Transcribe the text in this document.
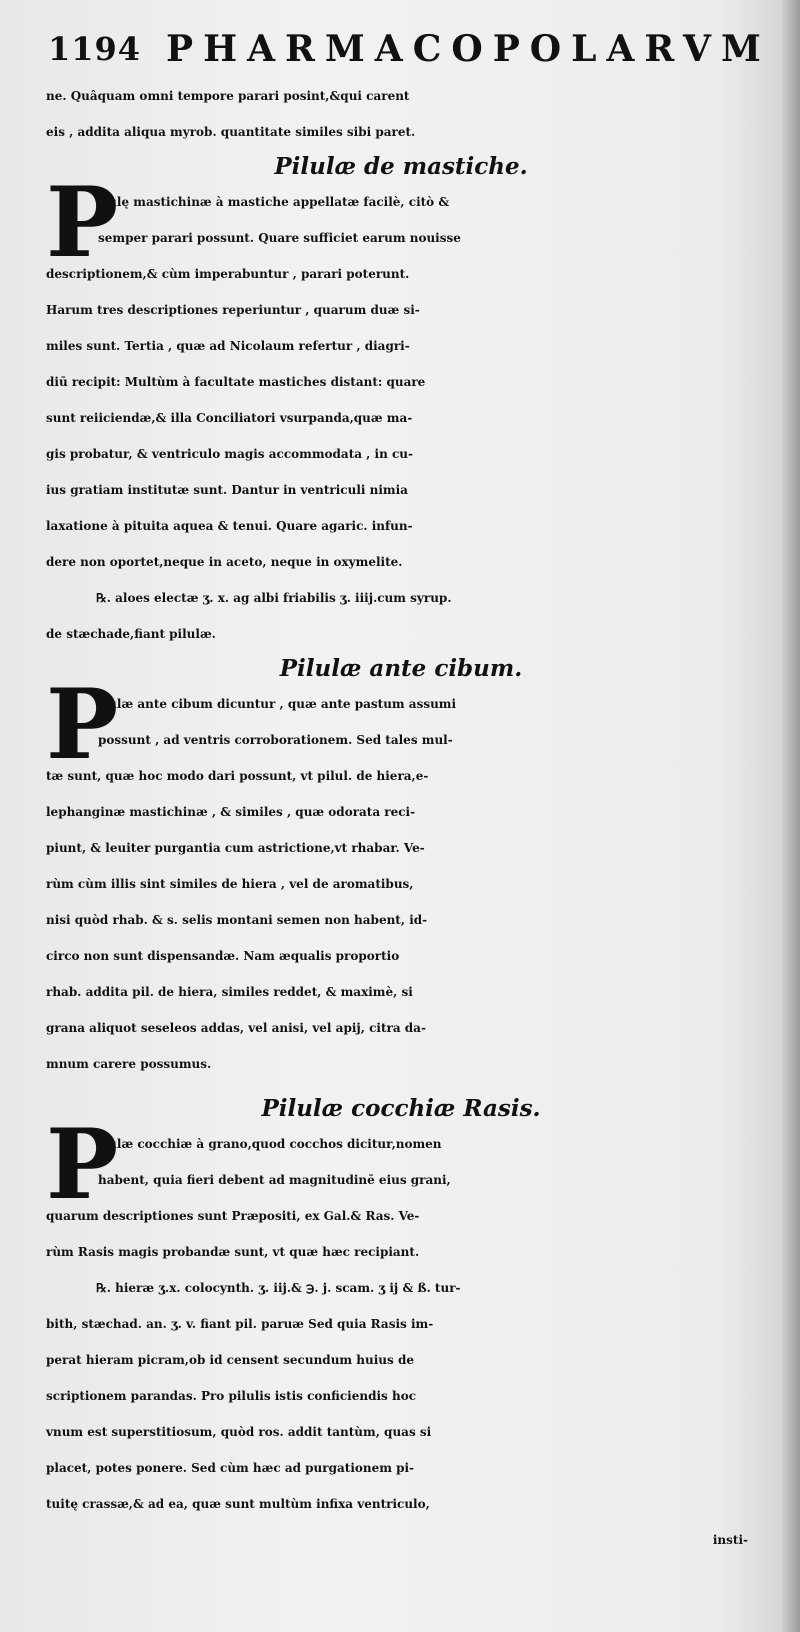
1194 PHARMACOPOLARVM
ne. Quâquam omni tempore parari posint,&qui carent
eis , addita aliqua myrob. quantitate similes sibi paret.
Pilulæ de mastiche.
P
Ilulę mastichinæ à mastiche appellatæ facilè, citò &
semper parari possunt. Quare sufficiet earum nouisse
descriptionem,& cùm imperabuntur , parari poterunt.
Harum tres descriptiones reperiuntur , quarum duæ si-
miles sunt. Tertia , quæ ad Nicolaum refertur , diagri-
diū recipit: Multùm à facultate mastiches distant: quare
sunt reiiciendæ,& illa Conciliatori vsurpanda,quæ ma-
gis probatur, & ventriculo magis accommodata , in cu-
ius gratiam institutæ sunt. Dantur in ventriculi nimia
laxatione à pituita aquea & tenui. Quare agaric. infun-
dere non oportet,neque in aceto, neque in oxymelite.
℞. aloes electæ ʒ. x. ag albi friabilis ʒ. iiij.cum syrup.
de stæchade,fiant pilulæ.
Pilulæ ante cibum.
P
Ilulæ ante cibum dicuntur , quæ ante pastum assumi
possunt , ad ventris corroborationem. Sed tales mul-
tæ sunt, quæ hoc modo dari possunt, vt pilul. de hiera,e-
lephanginæ mastichinæ , & similes , quæ odorata reci-
piunt, & leuiter purgantia cum astrictione,vt rhabar. Ve-
rùm cùm illis sint similes de hiera , vel de aromatibus,
nisi quòd rhab. & s. selis montani semen non habent, id-
circo non sunt dispensandæ. Nam æqualis proportio
rhab. addita pil. de hiera, similes reddet, & maximè, si
grana aliquot seseleos addas, vel anisi, vel apij, citra da-
mnum carere possumus.
Pilulæ cocchiæ Rasis.
P
Ilulæ cocchiæ à grano,quod cocchos dicitur,nomen
habent, quia fieri debent ad magnitudinē eius grani,
quarum descriptiones sunt Præpositi, ex Gal.& Ras. Ve-
rùm Rasis magis probandæ sunt, vt quæ hæc recipiant.
℞. hieræ ʒ.x. colocynth. ʒ. iij.& ℈. j. scam. ʒ ij & ß. tur-
bith, stæchad. an. ʒ. v. fiant pil. paruæ Sed quia Rasis im-
perat hieram picram,ob id censent secundum huius de
scriptionem parandas. Pro pilulis istis conficiendis hoc
vnum est superstitiosum, quòd ros. addit tantùm, quas si
placet, potes ponere. Sed cùm hæc ad purgationem pi-
tuitę crassæ,& ad ea, quæ sunt multùm infixa ventriculo,
insti-
